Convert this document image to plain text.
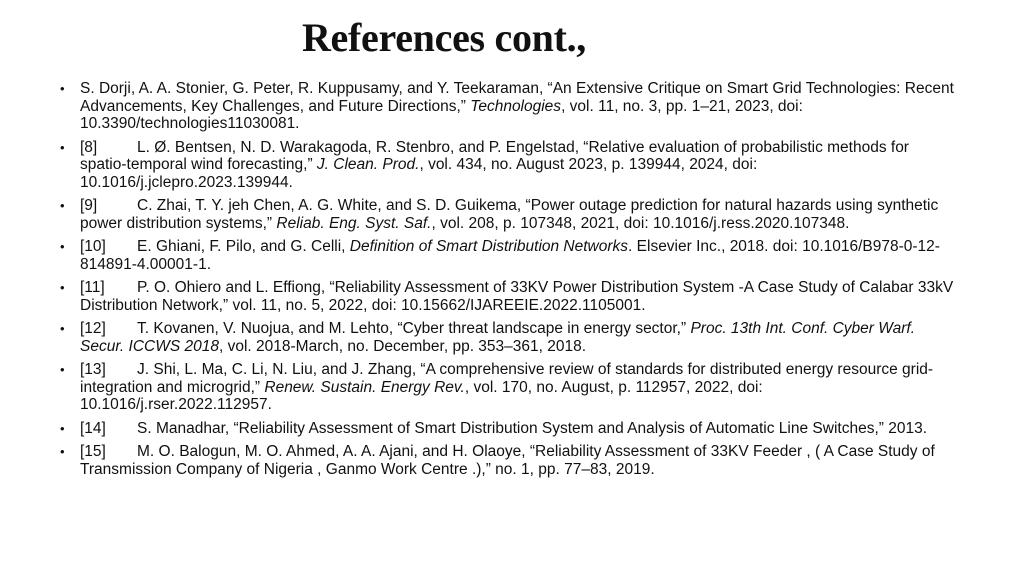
References cont.,
• S. Dorji, A. A. Stonier, G. Peter, R. Kuppusamy, and Y. Teekaraman, “An Extensive Critique on Smart Grid Technologies: Recent Advancements, Key Challenges, and Future Directions,” Technologies, vol. 11, no. 3, pp. 1–21, 2023, doi: 10.3390/technologies11030081.
• [8]	L. Ø. Bentsen, N. D. Warakagoda, R. Stenbro, and P. Engelstad, “Relative evaluation of probabilistic methods for spatio-temporal wind forecasting,” J. Clean. Prod., vol. 434, no. August 2023, p. 139944, 2024, doi: 10.1016/j.jclepro.2023.139944.
• [9]	C. Zhai, T. Y. jeh Chen, A. G. White, and S. D. Guikema, “Power outage prediction for natural hazards using synthetic power distribution systems,” Reliab. Eng. Syst. Saf., vol. 208, p. 107348, 2021, doi: 10.1016/j.ress.2020.107348.
• [10] E. Ghiani, F. Pilo, and G. Celli, Definition of Smart Distribution Networks. Elsevier Inc., 2018. doi: 10.1016/B978-0-12-814891-4.00001-1.
• [11] P. O. Ohiero and L. Effiong, “Reliability Assessment of 33KV Power Distribution System -A Case Study of Calabar 33kV Distribution Network,” vol. 11, no. 5, 2022, doi: 10.15662/IJAREEIE.2022.1105001.
• [12] T. Kovanen, V. Nuojua, and M. Lehto, “Cyber threat landscape in energy sector,” Proc. 13th Int. Conf. Cyber Warf. Secur. ICCWS 2018, vol. 2018-March, no. December, pp. 353–361, 2018.
• [13] J. Shi, L. Ma, C. Li, N. Liu, and J. Zhang, “A comprehensive review of standards for distributed energy resource grid-integration and microgrid,” Renew. Sustain. Energy Rev., vol. 170, no. August, p. 112957, 2022, doi: 10.1016/j.rser.2022.112957.
• [14] S. Manadhar, “Reliability Assessment of Smart Distribution System and Analysis of Automatic Line Switches,” 2013.
• [15] M. O. Balogun, M. O. Ahmed, A. A. Ajani, and H. Olaoye, “Reliability Assessment of 33KV Feeder , ( A Case Study of Transmission Company of Nigeria , Ganmo Work Centre .),” no. 1, pp. 77–83, 2019.
